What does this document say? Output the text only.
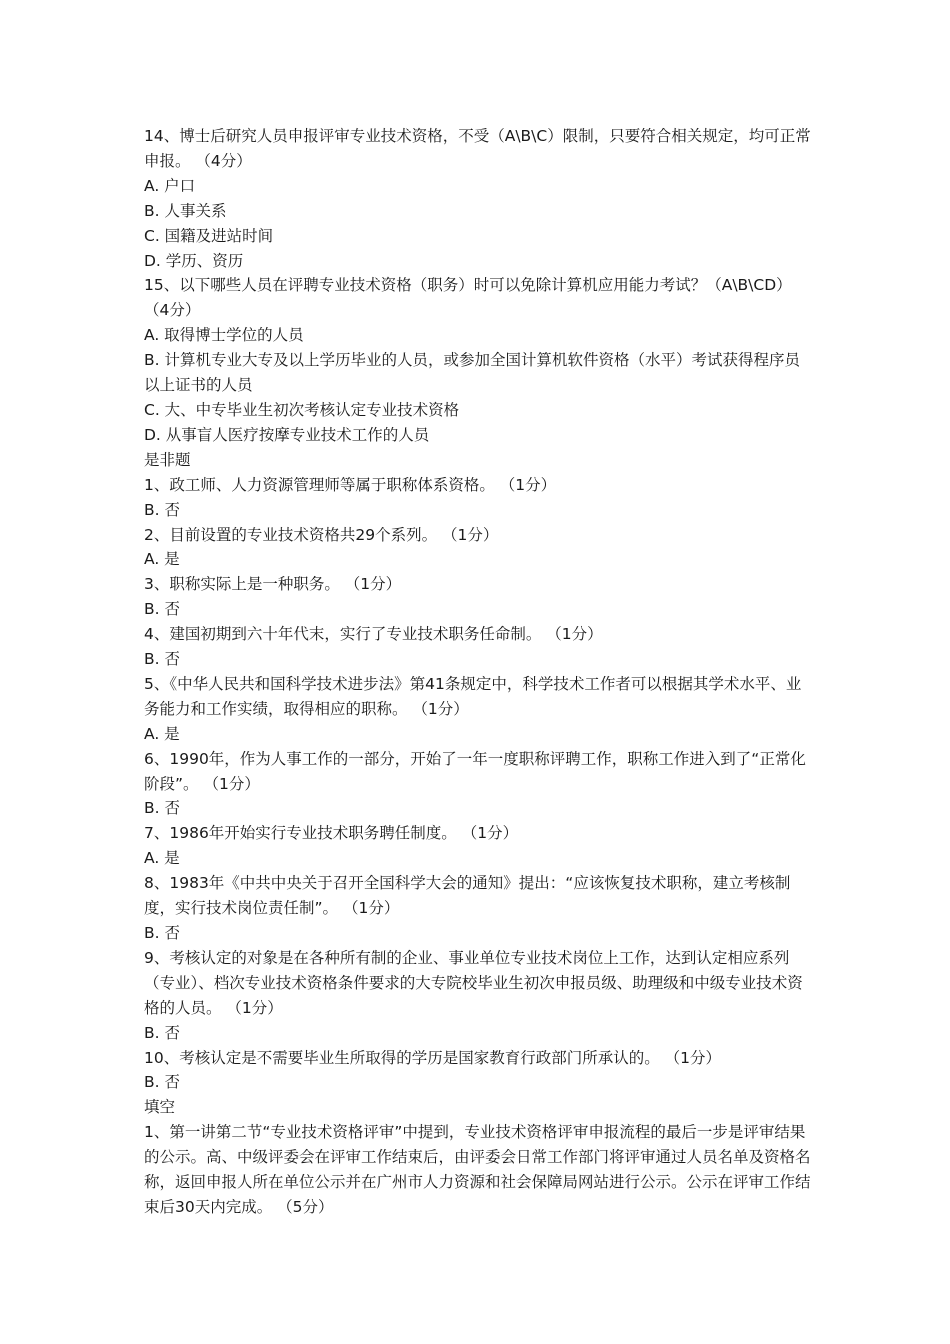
14、博士后研究人员申报评审专业技术资格，不受（A\B\C）限制，只要符合相关规定，均可正常申报。 （4分）

A. 户口

B. 人事关系

C. 国籍及进站时间

D. 学历、资历

15、以下哪些人员在评聘专业技术资格（职务）时可以免除计算机应用能力考试？（A\B\CD） （4分）

A. 取得博士学位的人员

B. 计算机专业大专及以上学历毕业的人员，或参加全国计算机软件资格（水平）考试获得程序员以上证书的人员

C. 大、中专毕业生初次考核认定专业技术资格

D. 从事盲人医疗按摩专业技术工作的人员

是非题

1、政工师、人力资源管理师等属于职称体系资格。 （1分）

B. 否

2、目前设置的专业技术资格共29个系列。 （1分）

A. 是

3、职称实际上是一种职务。 （1分）

B. 否

4、建国初期到六十年代末，实行了专业技术职务任命制。 （1分）

B. 否

5、《中华人民共和国科学技术进步法》第41条规定中，科学技术工作者可以根据其学术水平、业务能力和工作实绩，取得相应的职称。 （1分）

A. 是

6、1990年，作为人事工作的一部分，开始了一年一度职称评聘工作，职称工作进入到了“正常化阶段”。 （1分）

B. 否

7、1986年开始实行专业技术职务聘任制度。 （1分）

A. 是

8、1983年《中共中央关于召开全国科学大会的通知》提出：“应该恢复技术职称，建立考核制度，实行技术岗位责任制”。 （1分）

B. 否

9、考核认定的对象是在各种所有制的企业、事业单位专业技术岗位上工作，达到认定相应系列（专业）、档次专业技术资格条件要求的大专院校毕业生初次申报员级、助理级和中级专业技术资格的人员。 （1分）

B. 否

10、考核认定是不需要毕业生所取得的学历是国家教育行政部门所承认的。 （1分）

B. 否

填空

1、第一讲第二节“专业技术资格评审”中提到，专业技术资格评审申报流程的最后一步是评审结果的公示。高、中级评委会在评审工作结束后，由评委会日常工作部门将评审通过人员名单及资格名称，返回申报人所在单位公示并在广州市人力资源和社会保障局网站进行公示。公示在评审工作结束后30天内完成。 （5分）
